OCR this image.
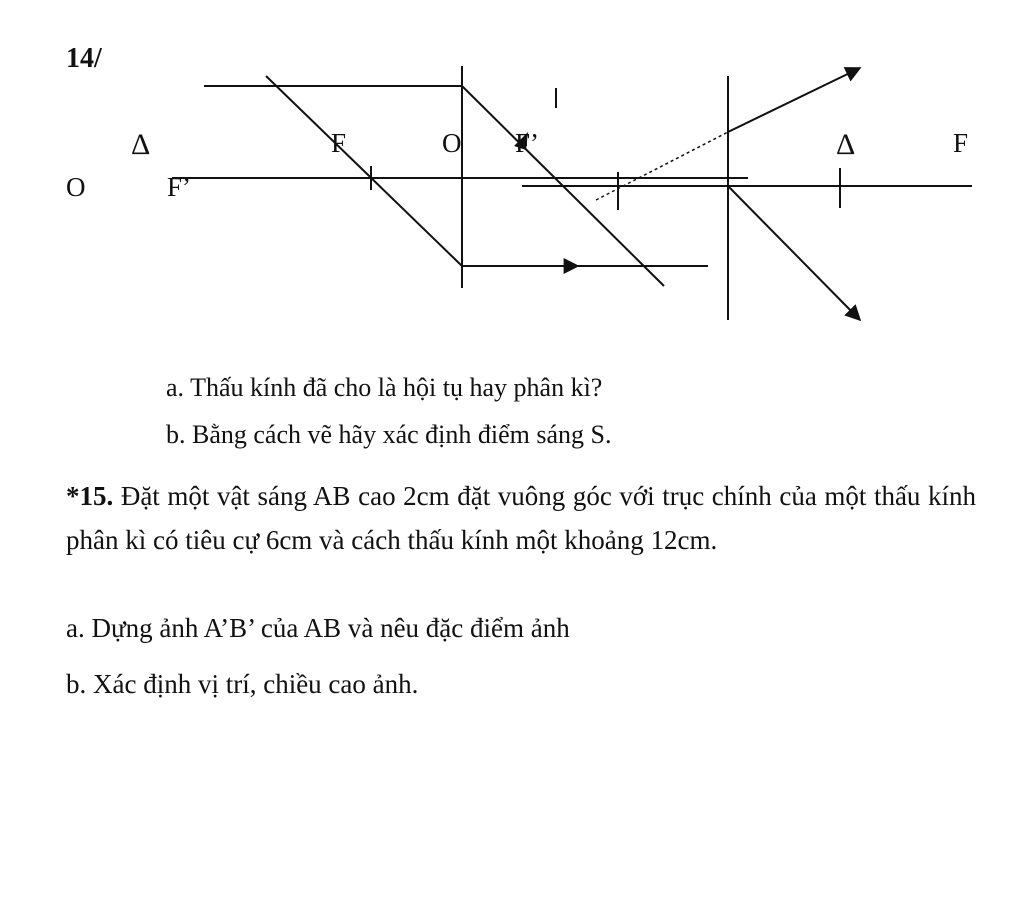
14/
Δ
O	F’
F	O F’	Δ	F
a. Thấu kính đã cho là hội tụ hay phân kì?
b. Bằng cách vẽ hãy xác định điểm sáng S.

*15. Đặt một vật sáng AB cao 2cm đặt vuông góc với trục chính của một thấu kính phân kì có tiêu cự 6cm và cách thấu kính một khoảng 12cm.

a. Dựng ảnh A’B’ của AB và nêu đặc điểm ảnh
b. Xác định vị trí, chiều cao ảnh.
